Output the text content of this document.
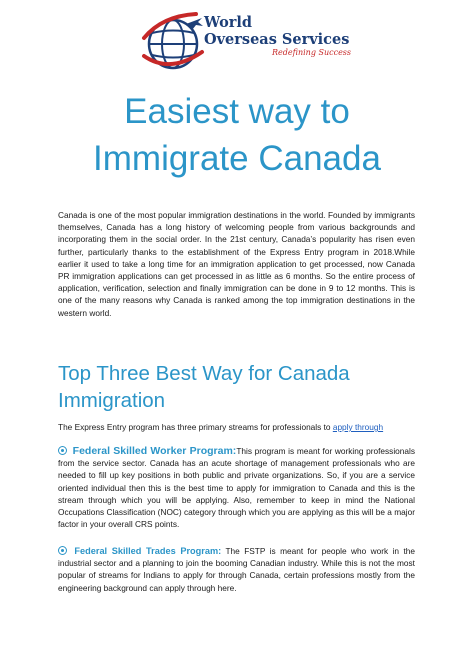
World
Overseas Services
Redefining Success
Easiest way to
Immigrate Canada

Canada is one of the most popular immigration destinations in the world. Founded by immigrants themselves, Canada has a long history of welcoming people from various backgrounds and incorporating them in the social order. In the 21st century, Canada’s popularity has risen even further, particularly thanks to the establishment of the Express Entry program in 2018.While earlier it used to take a long time for an immigration application to get processed, now Canada PR immigration applications can get processed in as little as 6 months. So the entire process of application, verification, selection and finally immigration can be done in 9 to 12 months. This is one of the many reasons why Canada is ranked among the top immigration destinations in the western world.

Top Three Best Way for Canada Immigration

The Express Entry program has three primary streams for professionals to apply through

Federal Skilled Worker Program:This program is meant for working professionals from the service sector. Canada has an acute shortage of management professionals who are needed to fill up key positions in both public and private organizations. So, if you are a service oriented individual then this is the best time to apply for immigration to Canada and this is the stream through which you will be applying. Also, remember to keep in mind the National Occupations Classification (NOC) category through which you are applying as this will be a major factor in your overall CRS points.

Federal Skilled Trades Program: The FSTP is meant for people who work in the industrial sector and a planning to join the booming Canadian industry. While this is not the most popular of streams for Indians to apply for through Canada, certain professions mostly from the engineering background can apply through here.
